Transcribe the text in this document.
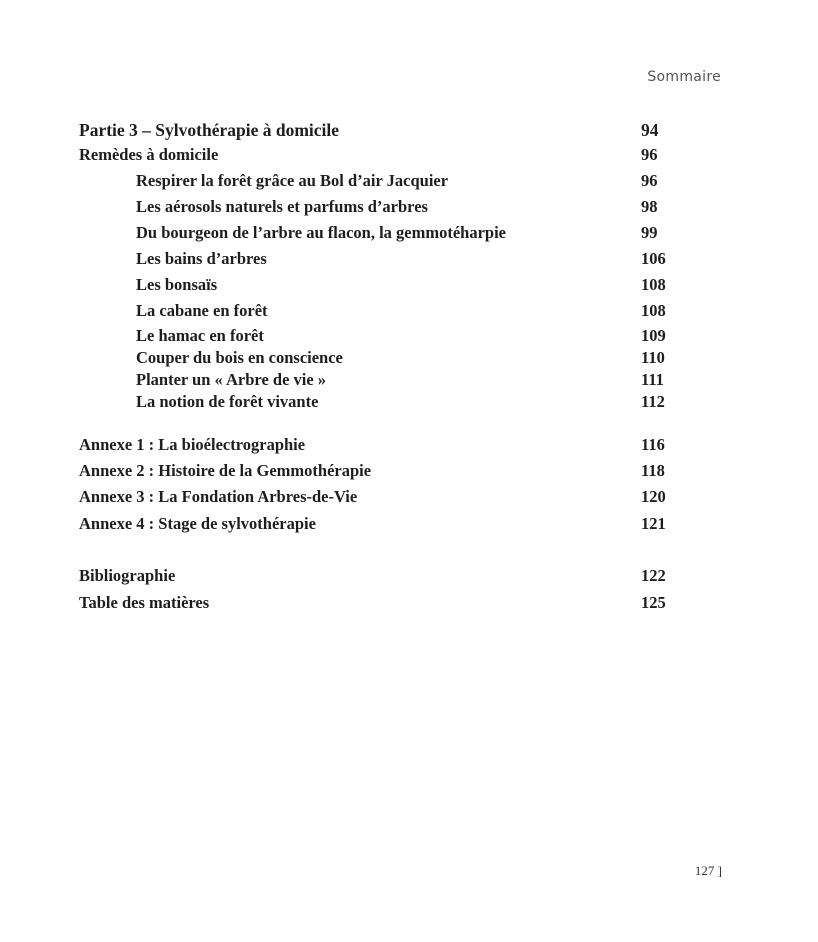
Sommaire
Partie 3 – Sylvothérapie à domicile	94
Remèdes à domicile	96
Respirer la forêt grâce au Bol d’air Jacquier	96
Les aérosols naturels et parfums d’arbres	98
Du bourgeon de l’arbre au flacon, la gemmotéharpie	99
Les bains d’arbres	106
Les bonsaïs	108
La cabane en forêt	108
Le hamac en forêt	109
Couper du bois en conscience	110
Planter un « Arbre de vie »	111
La notion de forêt vivante	112
Annexe 1 : La bioélectrographie	116
Annexe 2 : Histoire de la Gemmothérapie	118
Annexe 3 : La Fondation Arbres-de-Vie	120
Annexe 4 : Stage de sylvothérapie	121
Bibliographie	122
Table des matières	125
127 ]
